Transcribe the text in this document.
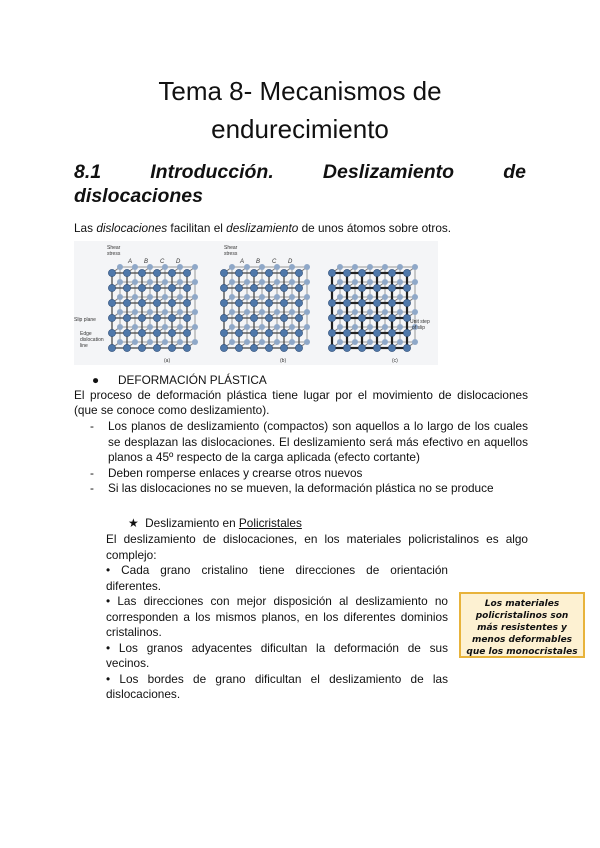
Tema 8- Mecanismos de
endurecimiento
8.1	Introducción.	Deslizamiento	de
dislocaciones

Las dislocaciones facilitan el deslizamiento de unos átomos sobre otros.

Shear
stress
Shear
stress
A B C D	A B C D
Slip plane
Edge
dislocation
line
Unit step
of slip
(a)	(b)	(c)
● DEFORMACIÓN PLÁSTICA

El proceso de deformación plástica tiene lugar por el movimiento de dislocaciones (que se conoce como deslizamiento).

- Los planos de deslizamiento (compactos) son aquellos a lo largo de los cuales se desplazan las dislocaciones. El deslizamiento será más efectivo en aquellos planos a 45º respecto de la carga aplicada (efecto cortante)
- Deben romperse enlaces y crearse otros nuevos
- Si las dislocaciones no se mueven, la deformación plástica no se produce
★ Deslizamiento en Policristales

El deslizamiento de dislocaciones, en los materiales policristalinos es algo complejo:

• Cada grano cristalino tiene direcciones de orientación diferentes.
• Las direcciones con mejor disposición al deslizamiento no corresponden a los mismos planos, en los diferentes dominios cristalinos.
• Los granos adyacentes dificultan la deformación de sus vecinos.
• Los bordes de grano dificultan el deslizamiento de las dislocaciones.
Los materiales policristalinos son más resistentes y menos deformables que los monocristales
